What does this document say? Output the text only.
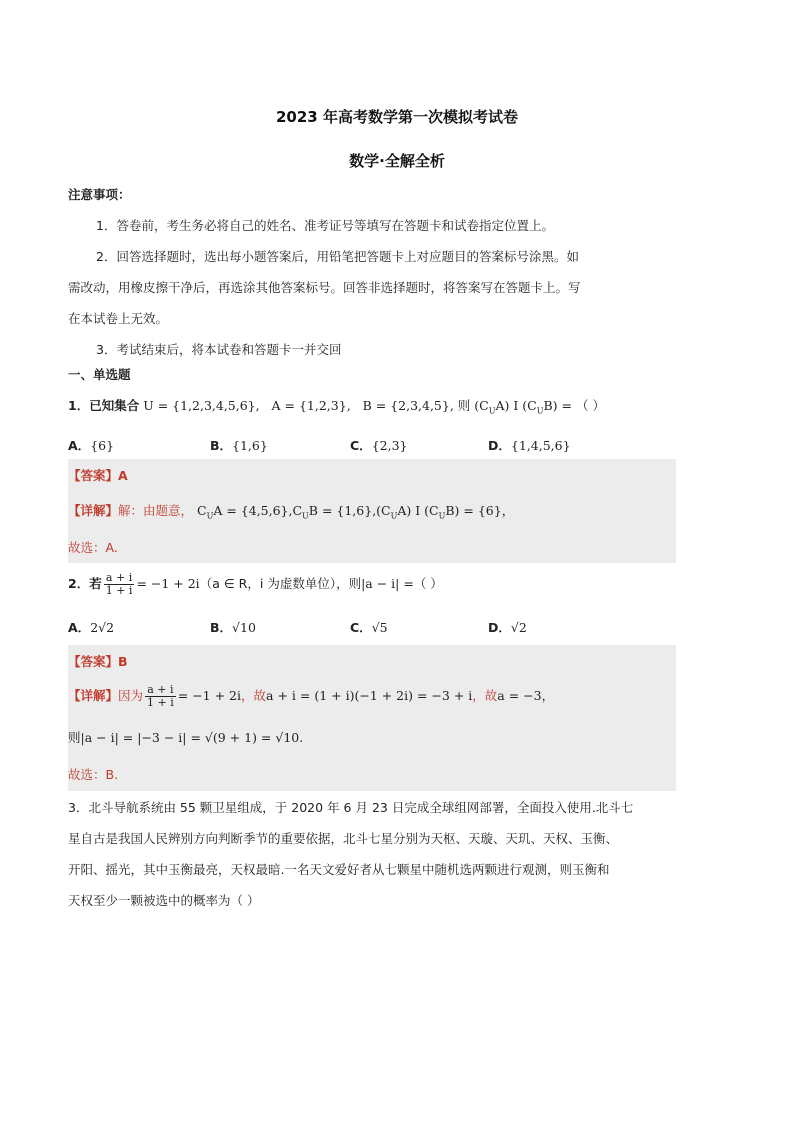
2023 年高考数学第一次模拟考试卷
数学·全解全析
注意事项：
1．答卷前，考生务必将自己的姓名、准考证号等填写在答题卡和试卷指定位置上。
2．回答选择题时，选出每小题答案后，用铅笔把答题卡上对应题目的答案标号涂黑。如
需改动，用橡皮擦干净后，再选涂其他答案标号。回答非选择题时，将答案写在答题卡上。写
在本试卷上无效。
3．考试结束后，将本试卷和答题卡一并交回
一、单选题
1．已知集合 U = {1,2,3,4,5,6}, A = {1,2,3}, B = {2,3,4,5}, 则 $(C_UA)$ I $(C_UB)$ = （ ）
A．{6}	B．{1,6}	C．{2,3}	D．{1,4,5,6}
【答案】A
【详解】解：由题意， $C_UA = \{4,5,6\},C_UB = \{1,6\},(C_UA)$ I $(C_UB) = \{6\}$，
故选：A.
2．若 $\frac{a + i}{1 + i} = -1 + 2i(a$ ∈ R，i 为虚数单位），则|a − i| =（ ）
A．2√2	B．√10	C．√5	D．√2
【答案】B
【详解】因为 $\frac{a + i}{1 + i} = -1 + 2i$，故a + i = (1 + i)(−1 + 2i) = −3 + i，故a = −3，
则|a − i| = |−3 − i| = √(9 + 1) = √10.
故选：B.
3．北斗导航系统由 55 颗卫星组成，于 2020 年 6 月 23 日完成全球组网部署，全面投入使用.北斗七
星自古是我国人民辨别方向判断季节的重要依据，北斗七星分别为天枢、天璇、天玑、天权、玉衡、
开阳、摇光，其中玉衡最亮，天权最暗.一名天文爱好者从七颗星中随机选两颗进行观测，则玉衡和
天权至少一颗被选中的概率为（ ）
